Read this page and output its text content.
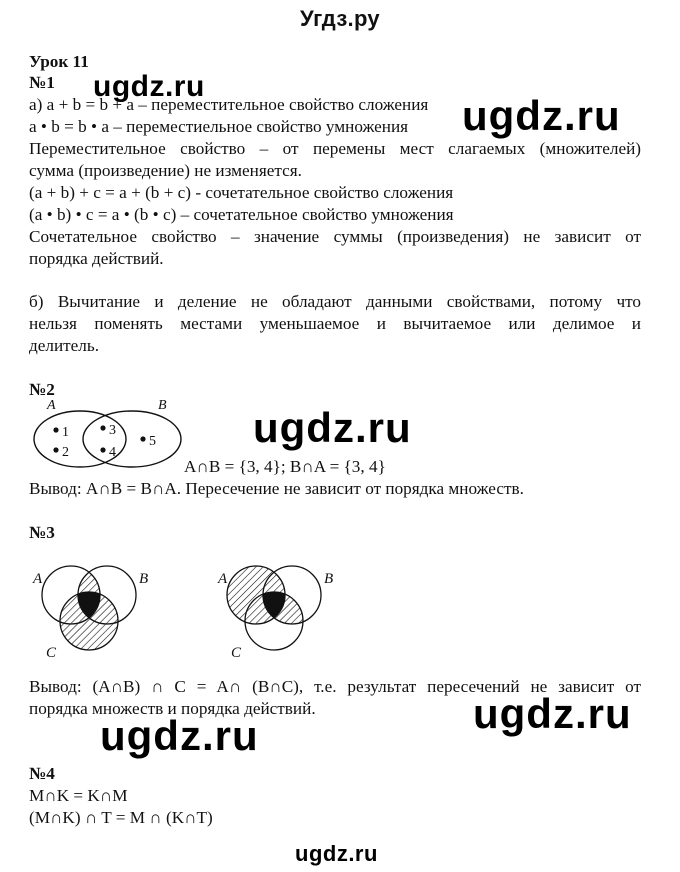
Угдз.ру
Урок 11
№1
а) a + b = b + a – переместительное свойство сложения
a • b = b • a – переместиельное свойство умножения
Переместительное свойство – от перемены мест слагаемых (множителей)
сумма (произведение) не изменяется.
(a + b) + c = a + (b + c) - сочетательное свойство сложения
(a • b) • c = a • (b • c) – сочетательное свойство умножения
Сочетательное свойство – значение суммы (произведения) не зависит от
порядка действий.
б) Вычитание и деление не обладают данными свойствами, потому что
нельзя поменять местами уменьшаемое и вычитаемое или делимое и
делитель.
№2
A	B
1
2
3
4
5
A∩B = {3, 4}; B∩A = {3, 4}
Вывод: A∩B = B∩A. Пересечение не зависит от порядка множеств.
№3
A	B
C
A	B
C
Вывод: (A∩B) ∩ C = A∩ (B∩C), т.е. результат пересечений не зависит от
порядка множеств и порядка действий.
№4
M∩K = K∩M
(M∩K) ∩ T = M ∩ (K∩T)
ugdz.ru
ugdz.ru
ugdz.ru
ugdz.ru
ugdz.ru
ugdz.ru
